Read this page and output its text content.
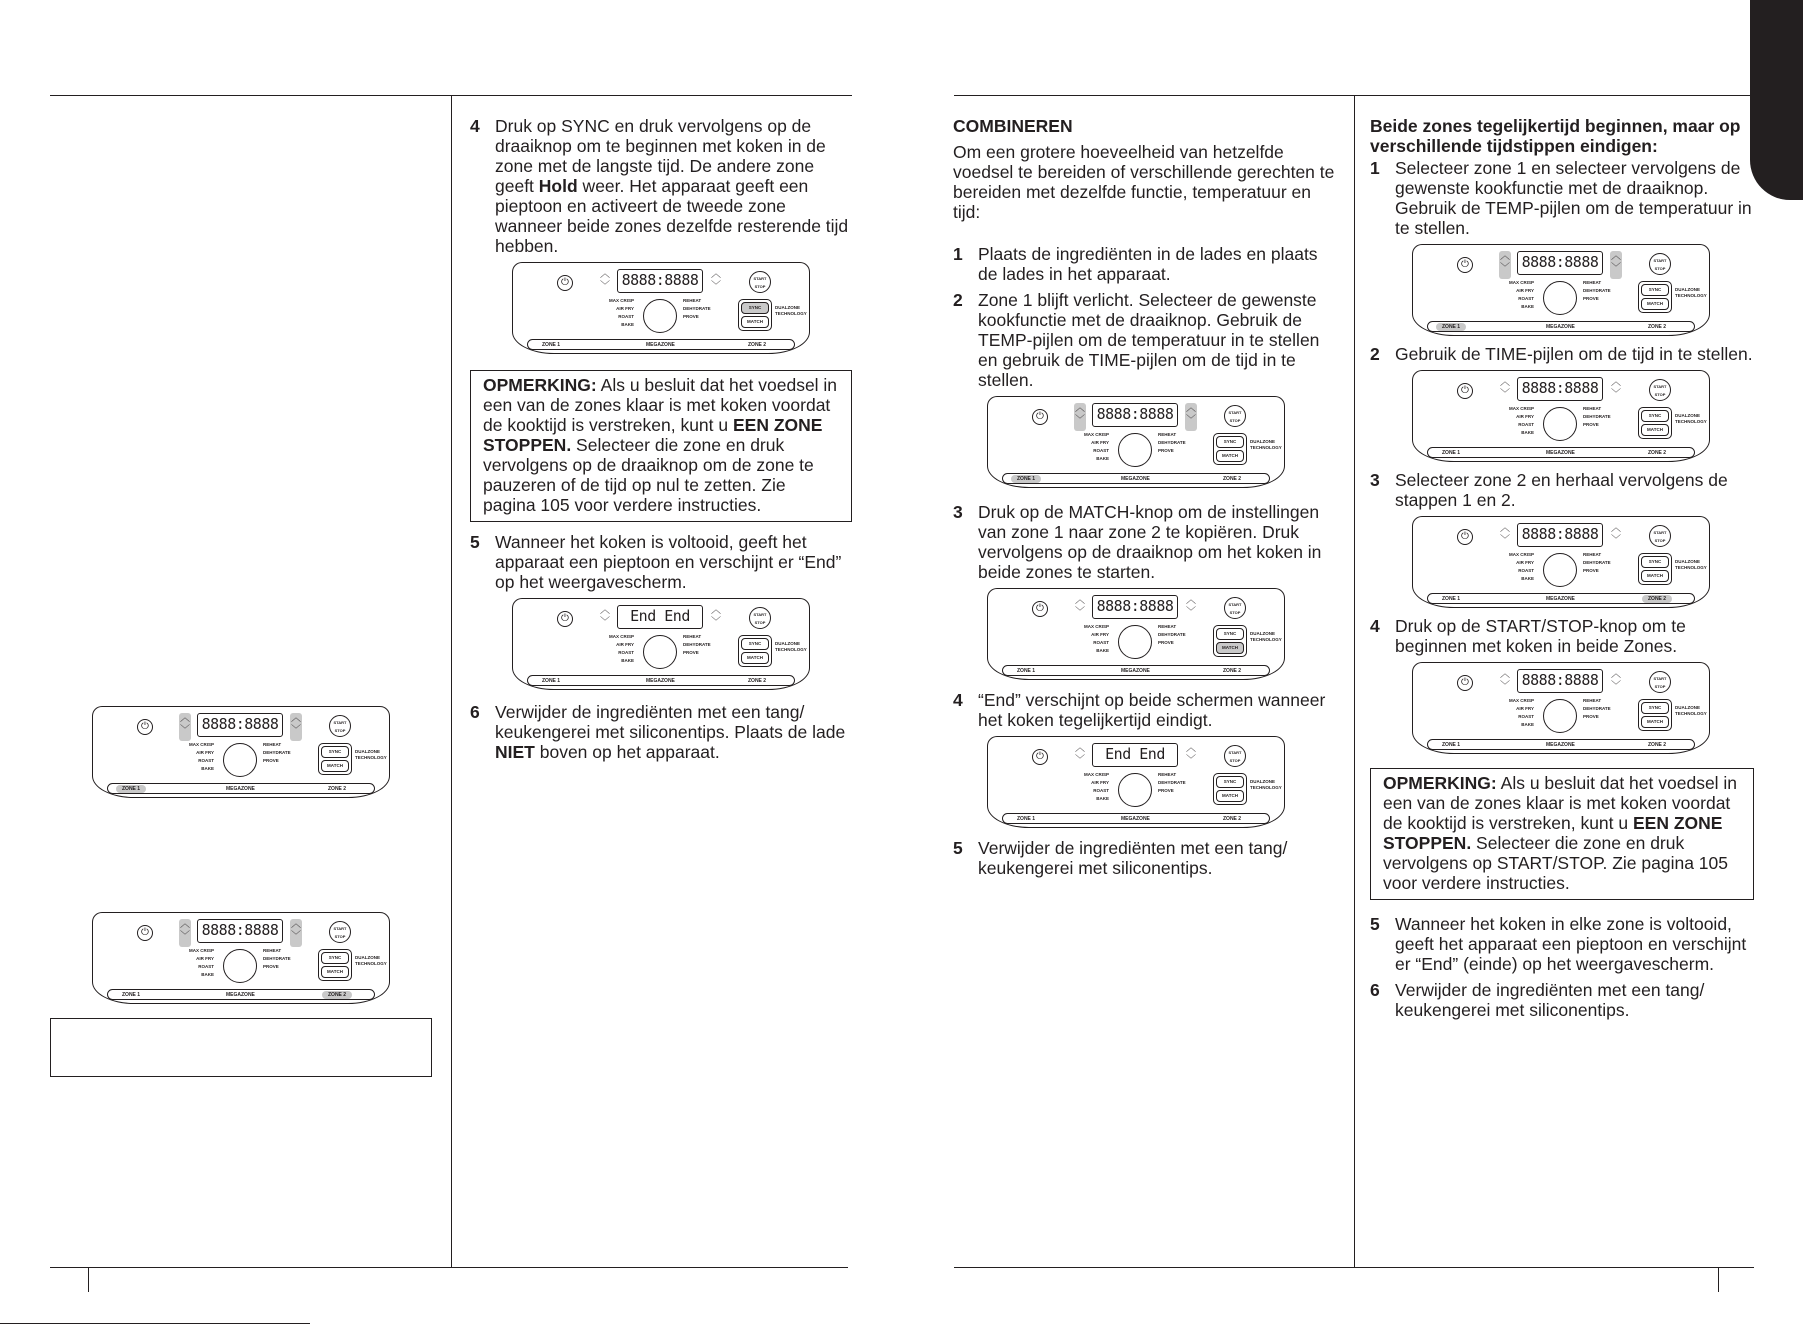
⏻
︿
﹀ 8888:8888	︿
﹀
START STOP
MAX CRISP
AIR FRY
ROAST
BAKE
REHEAT
DEHYDRATE
PROVE
SYNC
MATCH
DUALZONE
TECHNOLOGY
ZONE 1	MEGAZONE	ZONE 2
⏻
︿
﹀ 8888:8888	︿
﹀
START STOP
MAX CRISP
AIR FRY
ROAST
BAKE
REHEAT
DEHYDRATE
PROVE
SYNC
MATCH
DUALZONE
TECHNOLOGY
ZONE 1	MEGAZONE	ZONE 2
4 Druk op SYNC en druk vervolgens op de draaiknop om te beginnen met koken in de zone met de langste tijd. De andere zone geeft Hold weer. Het apparaat geeft een pieptoon en activeert de tweede zone wanneer beide zones dezelfde resterende tijd hebben.
⏻
︿
﹀ 8888:8888	︿
﹀
START STOP
MAX CRISP
AIR FRY
ROAST
BAKE
REHEAT
DEHYDRATE
PROVE
SYNC
MATCH
DUALZONE
TECHNOLOGY
ZONE 1	MEGAZONE	ZONE 2
OPMERKING: Als u besluit dat het voedsel in een van de zones klaar is met koken voordat de kooktijd is verstreken, kunt u EEN ZONE STOPPEN. Selecteer die zone en druk vervolgens op de draaiknop om de zone te pauzeren of de tijd op nul te zetten. Zie pagina 105 voor verdere instructies.
5 Wanneer het koken is voltooid, geeft het apparaat een pieptoon en verschijnt er “End” op het weergavescherm.
⏻
︿
﹀	End End	︿
﹀
START STOP
MAX CRISP
AIR FRY
ROAST
BAKE
REHEAT
DEHYDRATE
PROVE
SYNC
MATCH
DUALZONE
TECHNOLOGY
ZONE 1	MEGAZONE	ZONE 2
6 Verwijder de ingrediënten met een tang/ keukengerei met siliconentips. Plaats de lade NIET boven op het apparaat.
COMBINEREN
Om een grotere hoeveelheid van hetzelfde voedsel te bereiden of verschillende gerechten te bereiden met dezelfde functie, temperatuur en tijd:
1 Plaats de ingrediënten in de lades en plaats de lades in het apparaat.
2 Zone 1 blijft verlicht. Selecteer de gewenste kookfunctie met de draaiknop. Gebruik de TEMP-pijlen om de temperatuur in te stellen en gebruik de TIME-pijlen om de tijd in te stellen.
⏻
︿
﹀ 8888:8888	︿
﹀
START STOP
MAX CRISP
AIR FRY
ROAST
BAKE
REHEAT
DEHYDRATE
PROVE
SYNC
MATCH
DUALZONE
TECHNOLOGY
ZONE 1	MEGAZONE	ZONE 2
3 Druk op de MATCH-knop om de instellingen van zone 1 naar zone 2 te kopiëren. Druk vervolgens op de draaiknop om het koken in beide zones te starten.
⏻
︿
﹀ 8888:8888	︿
﹀
START STOP
MAX CRISP
AIR FRY
ROAST
BAKE
REHEAT
DEHYDRATE
PROVE
SYNC
MATCH
DUALZONE
TECHNOLOGY
ZONE 1	MEGAZONE	ZONE 2
4 “End” verschijnt op beide schermen wanneer het koken tegelijkertijd eindigt.
⏻
︿
﹀	End End	︿
﹀
START STOP
MAX CRISP
AIR FRY
ROAST
BAKE
REHEAT
DEHYDRATE
PROVE
SYNC
MATCH
DUALZONE
TECHNOLOGY
ZONE 1	MEGAZONE	ZONE 2
5 Verwijder de ingrediënten met een tang/ keukengerei met siliconentips.
Beide zones tegelijkertijd beginnen, maar op verschillende tijdstippen eindigen:
1 Selecteer zone 1 en selecteer vervolgens de gewenste kookfunctie met de draaiknop. Gebruik de TEMP-pijlen om de temperatuur in te stellen.
⏻
︿
﹀ 8888:8888	︿
﹀
START STOP
MAX CRISP
AIR FRY
ROAST
BAKE
REHEAT
DEHYDRATE
PROVE
SYNC
MATCH
DUALZONE
TECHNOLOGY
ZONE 1	MEGAZONE	ZONE 2
2 Gebruik de TIME-pijlen om de tijd in te stellen.
⏻
︿
﹀ 8888:8888	︿
﹀
START STOP
MAX CRISP
AIR FRY
ROAST
BAKE
REHEAT
DEHYDRATE
PROVE
SYNC
MATCH
DUALZONE
TECHNOLOGY
ZONE 1	MEGAZONE	ZONE 2
3 Selecteer zone 2 en herhaal vervolgens de stappen 1 en 2.
⏻
︿
﹀ 8888:8888	︿
﹀
START STOP
MAX CRISP
AIR FRY
ROAST
BAKE
REHEAT
DEHYDRATE
PROVE
SYNC
MATCH
DUALZONE
TECHNOLOGY
ZONE 1	MEGAZONE	ZONE 2
4 Druk op de START/STOP-knop om te beginnen met koken in beide Zones.
⏻
︿
﹀ 8888:8888	︿
﹀
START STOP
MAX CRISP
AIR FRY
ROAST
BAKE
REHEAT
DEHYDRATE
PROVE
SYNC
MATCH
DUALZONE
TECHNOLOGY
ZONE 1	MEGAZONE	ZONE 2
OPMERKING: Als u besluit dat het voedsel in een van de zones klaar is met koken voordat de kooktijd is verstreken, kunt u EEN ZONE STOPPEN. Selecteer die zone en druk vervolgens op START/STOP. Zie pagina 105 voor verdere instructies.
5 Wanneer het koken in elke zone is voltooid, geeft het apparaat een pieptoon en verschijnt er “End” (einde) op het weergavescherm.
6 Verwijder de ingrediënten met een tang/ keukengerei met siliconentips.
